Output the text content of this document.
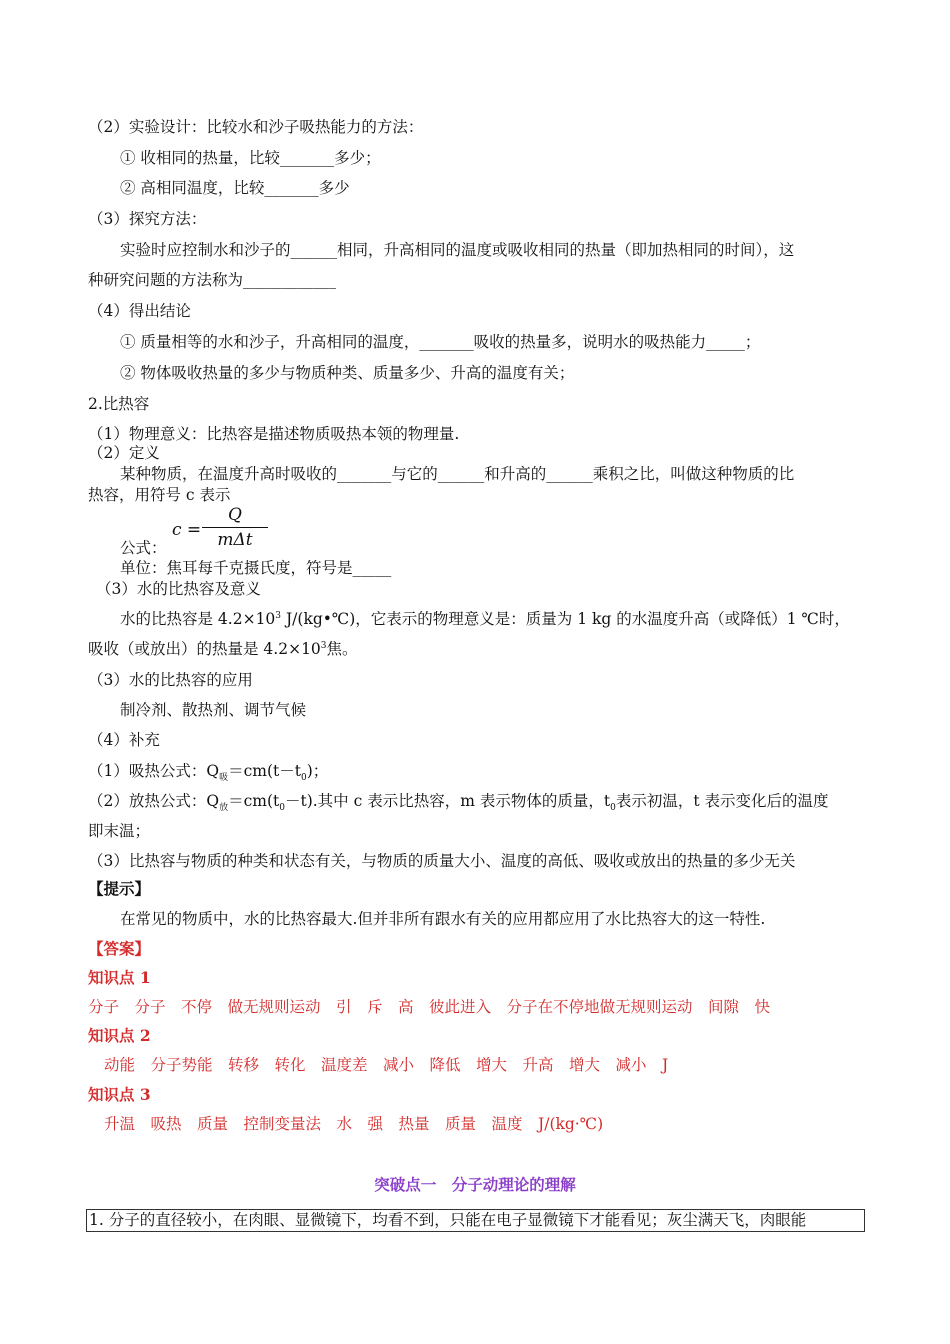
（2）实验设计：比较水和沙子吸热能力的方法：
① 收相同的热量，比较_______多少；
② 高相同温度，比较_______多少
（3）探究方法：
实验时应控制水和沙子的______相同，升高相同的温度或吸收相同的热量（即加热相同的时间），这
种研究问题的方法称为____________
（4）得出结论
① 质量相等的水和沙子，升高相同的温度，_______吸收的热量多，说明水的吸热能力_____；
② 物体吸收热量的多少与物质种类、质量多少、升高的温度有关；
2.比热容
（1）物理意义：比热容是描述物质吸热本领的物理量.
（2）定义
某种物质，在温度升高时吸收的_______与它的______和升高的______乘积之比，叫做这种物质的比
热容，用符号 c 表示
c =
Q
mΔt
公式：
单位：焦耳每千克摄氏度，符号是_____
（3）水的比热容及意义
水的比热容是 $4.2\times 10^3$ J/(kg•℃)，它表示的物理意义是：质量为 1 kg 的水温度升高（或降低）1 ℃时，
吸收（或放出）的热量是 $4.2\times 10^3$焦。
（3）水的比热容的应用
制冷剂、散热剂、调节气候
（4）补充
（1）吸热公式：$Q_吸=cm(t-t_0)$；
（2）放热公式：$Q_放=cm(t_0-t)$.其中 c 表示比热容，m 表示物体的质量，$t_0$表示初温，t 表示变化后的温度
即末温；
（3）比热容与物质的种类和状态有关，与物质的质量大小、温度的高低、吸收或放出的热量的多少无关
【提示】
在常见的物质中，水的比热容最大.但并非所有跟水有关的应用都应用了水比热容大的这一特性.
【答案】
知识点 1
分子　分子　不停　做无规则运动　引　斥　高　彼此进入　分子在不停地做无规则运动　间隙　快
知识点 2
动能　分子势能　转移　转化　温度差　减小　降低　增大　升高　增大　减小　J
知识点 3
升温　吸热　质量　控制变量法　水　强　热量　质量　温度　J/(kg·℃)
突破点一　分子动理论的理解
1. 分子的直径较小，在肉眼、显微镜下，均看不到，只能在电子显微镜下才能看见；灰尘满天飞，肉眼能
